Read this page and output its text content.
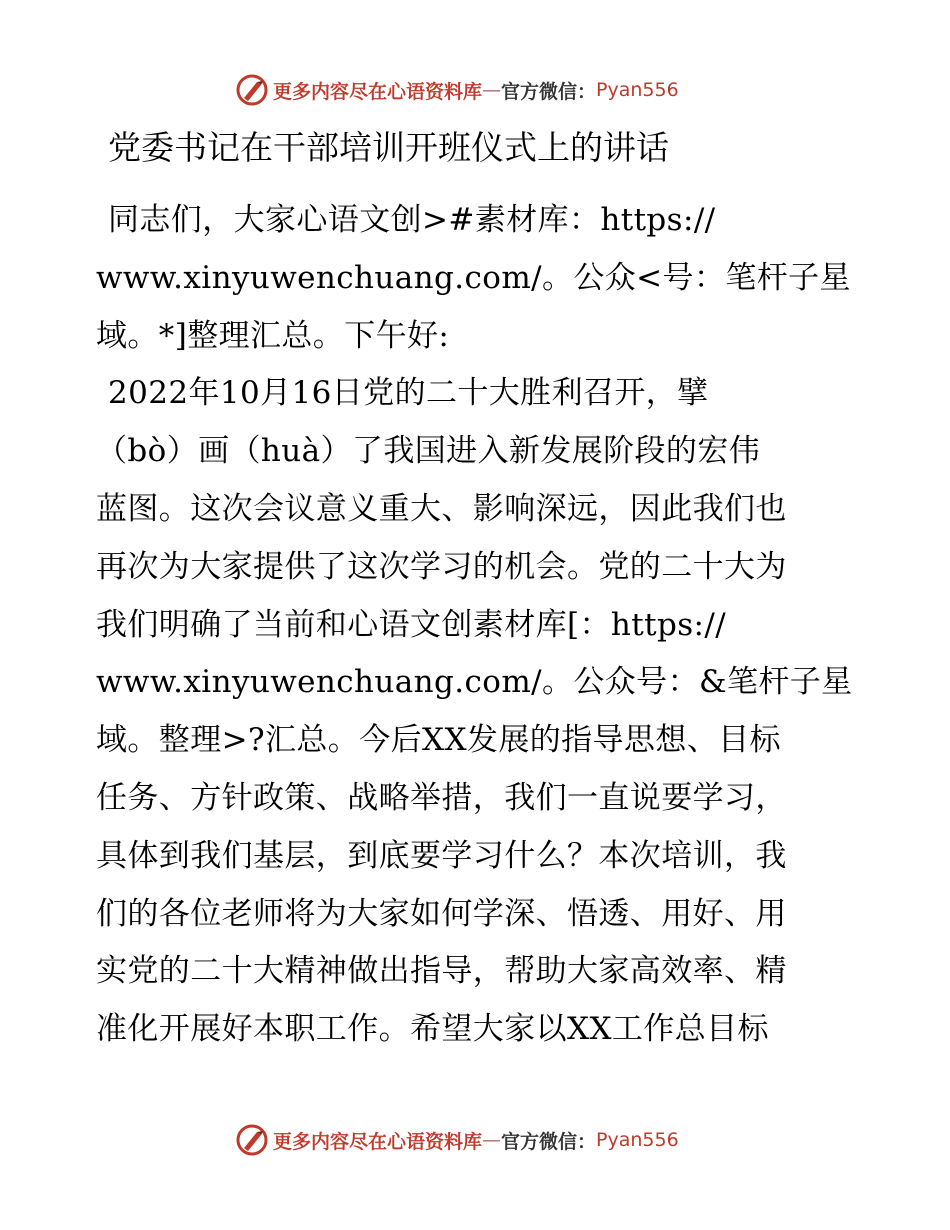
更多内容尽在心语资料库 — 官方微信： Pyan556
党委书记在干部培训开班仪式上的讲话
同志们，大家心语文创>#素材库：https://
www.xinyuwenchuang.com/。公众<号：笔杆子星
域。*]整理汇总。下午好:
2022年10月16日党的二十大胜利召开，擘
（bò）画（huà）了我国进入新发展阶段的宏伟
蓝图。这次会议意义重大、影响深远，因此我们也
再次为大家提供了这次学习的机会。党的二十大为
我们明确了当前和心语文创素材库[：https://
www.xinyuwenchuang.com/。公众号：&笔杆子星
域。整理>?汇总。今后XX发展的指导思想、目标
任务、方针政策、战略举措，我们一直说要学习，
具体到我们基层，到底要学习什么？本次培训，我
们的各位老师将为大家如何学深、悟透、用好、用
实党的二十大精神做出指导，帮助大家高效率、精
准化开展好本职工作。希望大家以XX工作总目标
更多内容尽在心语资料库 — 官方微信： Pyan556
